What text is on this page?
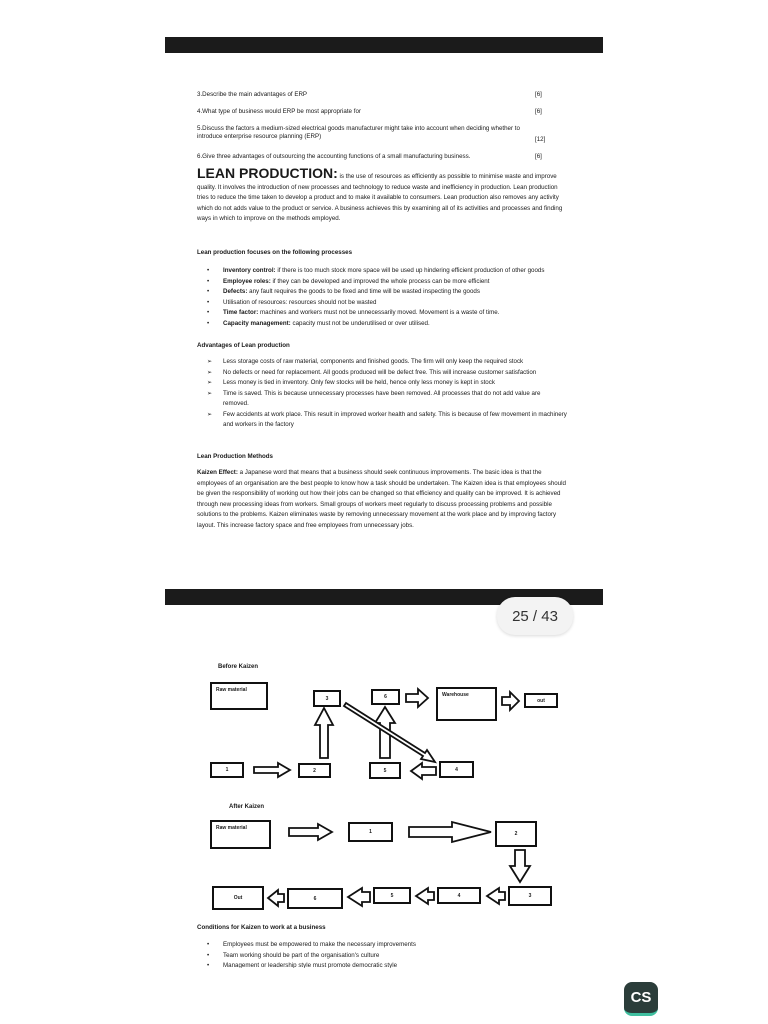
3.Describe the main advantages of ERP	[6]
4.What type of business would ERP be most appropriate for	[6]
5.Discuss the factors a medium-sized electrical goods manufacturer might take into account when deciding whether to introduce enterprise resource planning (ERP)	[12]
6.Give three advantages of outsourcing the accounting functions of a small manufacturing business.	[6]
LEAN PRODUCTION: is the use of resources as efficiently as possible to minimise waste and improve quality. It involves the introduction of new processes and technology to reduce waste and inefficiency in production. Lean production tries to reduce the time taken to develop a product and to make it available to consumers. Lean production also removes any activity which do not adds value to the product or service. A business achieves this by examining all of its activities and processes and finding ways in which to improve on the methods employed.
Lean production focuses on the following processes
• Inventory control: if there is too much stock more space will be used up hindering efficient production of other goods
• Employee roles: if they can be developed and improved the whole process can be more efficient
• Defects: any fault requires the goods to be fixed and time will be wasted inspecting the goods
• Utilisation of resources: resources should not be wasted
• Time factor: machines and workers must not be unnecessarily moved. Movement is a waste of time.
• Capacity management: capacity must not be underutilised or over utilised.
Advantages of Lean production
➢ Less storage costs of raw material, components and finished goods. The firm will only keep the required stock
➢ No defects or need for replacement. All goods produced will be defect free. This will increase customer satisfaction
➢ Less money is tied in inventory. Only few stocks will be held, hence only less money is kept in stock
➢ Time is saved. This is because unnecessary processes have been removed. All processes that do not add value are removed.
➢ Few accidents at work place. This result in improved worker health and safety. This is because of few movement in machinery and workers in the factory
Lean Production Methods
Kaizen Effect: a Japanese word that means that a business should seek continuous improvements. The basic idea is that the employees of an organisation are the best people to know how a task should be undertaken. The Kaizen idea is that employees should be given the responsibility of working out how their jobs can be changed so that efficiency and quality can be improved. It is achieved through new processing ideas from workers. Small groups of workers meet regularly to discuss processing problems and possible solutions to the problems. Kaizen eliminates waste by removing unnecessary movement at the work place and by improving factory layout. This increase factory space and free employees from unnecessary jobs.
25 / 43
Before Kaizen
Raw material
3	6	Warehouse
out
1	2	5	4
After Kaizen
Raw material
1	2
3
4
5
6
Out
Conditions for Kaizen to work at a business
• Employees must be empowered to make the necessary improvements
• Team working should be part of the organisation's culture
• Management or leadership style must promote democratic style
CS
